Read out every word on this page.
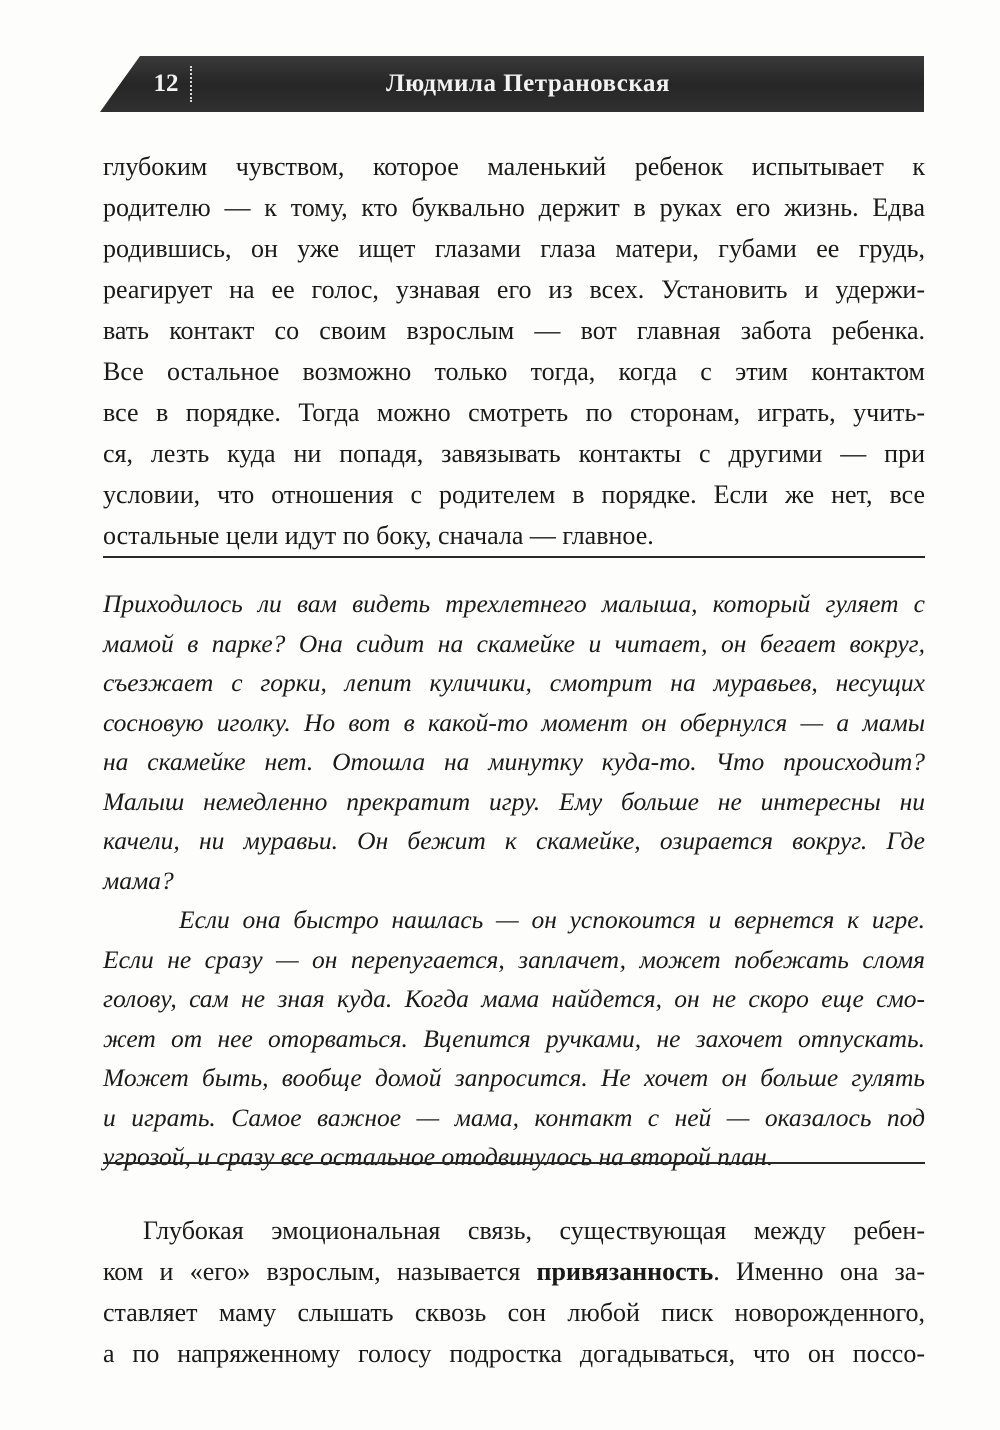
12	Людмила Петрановская
глубоким чувством, которое маленький ребенок испытывает к
родителю — к тому, кто буквально держит в руках его жизнь. Едва
родившись, он уже ищет глазами глаза матери, губами ее грудь,
реагирует на ее голос, узнавая его из всех. Установить и удержи-
вать контакт со своим взрослым — вот главная забота ребенка.
Все остальное возможно только тогда, когда с этим контактом
все в порядке. Тогда можно смотреть по сторонам, играть, учить-
ся, лезть куда ни попадя, завязывать контакты с другими — при
условии, что отношения с родителем в порядке. Если же нет, все
остальные цели идут по боку, сначала — главное.
Приходилось ли вам видеть трехлетнего малыша, который гуляет с
мамой в парке? Она сидит на скамейке и читает, он бегает вокруг,
съезжает с горки, лепит куличики, смотрит на муравьев, несущих
сосновую иголку. Но вот в какой-то момент он обернулся — а мамы
на скамейке нет. Отошла на минутку куда-то. Что происходит?
Малыш немедленно прекратит игру. Ему больше не интересны ни
качели, ни муравьи. Он бежит к скамейке, озирается вокруг. Где
мама?
Если она быстро нашлась — он успокоится и вернется к игре.
Если не сразу — он перепугается, заплачет, может побежать сломя
голову, сам не зная куда. Когда мама найдется, он не скоро еще смо-
жет от нее оторваться. Вцепится ручками, не захочет отпускать.
Может быть, вообще домой запросится. Не хочет он больше гулять
и играть. Самое важное — мама, контакт с ней — оказалось под
угрозой, и сразу все остальное отодвинулось на второй план.
Глубокая эмоциональная связь, существующая между ребен-
ком и «его» взрослым, называется привязанность. Именно она за-
ставляет маму слышать сквозь сон любой писк новорожденного,
а по напряженному голосу подростка догадываться, что он поссо-
